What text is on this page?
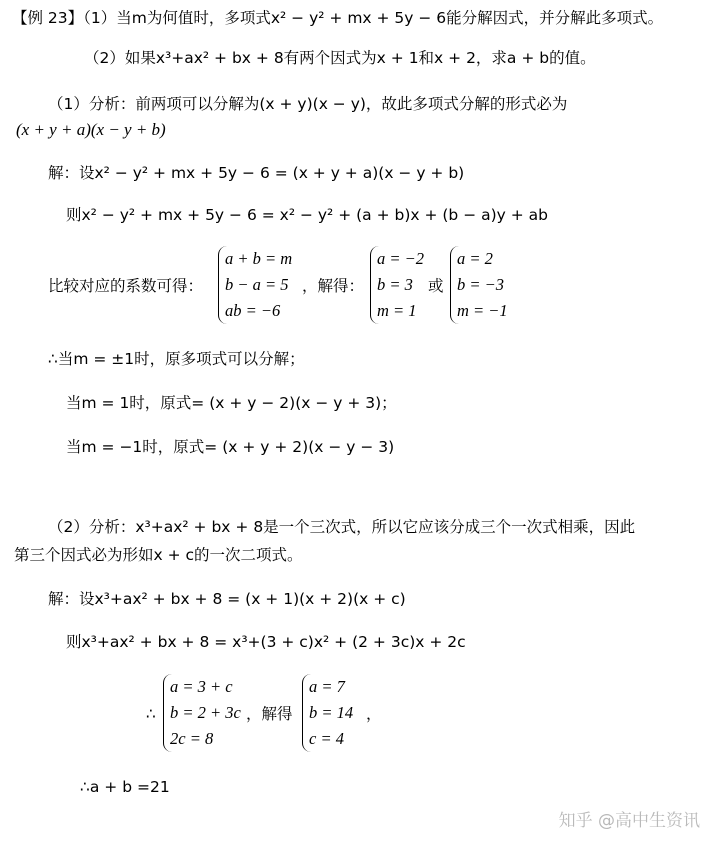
【例 23】（1）当m为何值时，多项式x² − y² + mx + 5y − 6能分解因式，并分解此多项式。
（2）如果x³+ax² + bx + 8有两个因式为x + 1和x + 2，求a + b的值。
（1）分析：前两项可以分解为(x + y)(x − y)，故此多项式分解的形式必为
(x + y + a)(x − y + b)
解：设x² − y² + mx + 5y − 6 = (x + y + a)(x − y + b)
则x² − y² + mx + 5y − 6 = x² − y² + (a + b)x + (b − a)y + ab
比较对应的系数可得：
a + b = m
b − a = 5
ab = −6
，解得：
a = −2
b = 3
m = 1
或
a = 2
b = −3
m = −1
∴当m = ±1时，原多项式可以分解；
当m = 1时，原式= (x + y − 2)(x − y + 3)；
当m = −1时，原式= (x + y + 2)(x − y − 3)
（2）分析：x³+ax² + bx + 8是一个三次式，所以它应该分成三个一次式相乘，因此
第三个因式必为形如x + c的一次二项式。
解：设x³+ax² + bx + 8 = (x + 1)(x + 2)(x + c)
则x³+ax² + bx + 8 = x³+(3 + c)x² + (2 + 3c)x + 2c
∴
a = 3 + c
b = 2 + 3c
2c = 8
，解得
a = 7
b = 14
c = 4
，
∴a + b =21
知乎 @高中生资讯
